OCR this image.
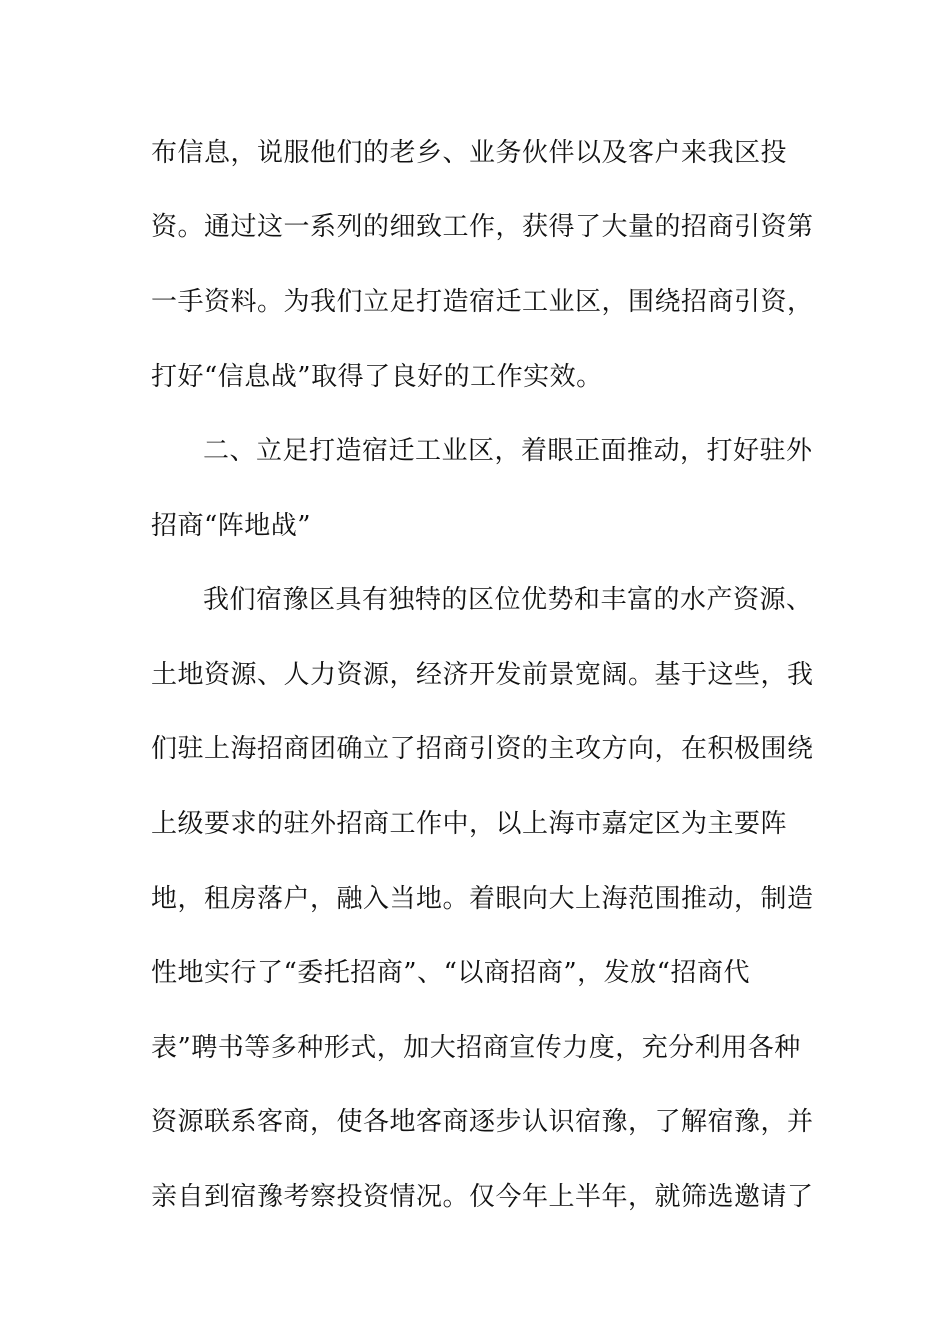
布信息，说服他们的老乡、业务伙伴以及客户来我区投
资。通过这一系列的细致工作，获得了大量的招商引资第
一手资料。为我们立足打造宿迁工业区，围绕招商引资，
打好“信息战”取得了良好的工作实效。
二、立足打造宿迁工业区，着眼正面推动，打好驻外
招商“阵地战”
我们宿豫区具有独特的区位优势和丰富的水产资源、
土地资源、人力资源，经济开发前景宽阔。基于这些，我
们驻上海招商团确立了招商引资的主攻方向，在积极围绕
上级要求的驻外招商工作中，以上海市嘉定区为主要阵
地，租房落户，融入当地。着眼向大上海范围推动，制造
性地实行了“委托招商”、“以商招商”，发放“招商代
表”聘书等多种形式，加大招商宣传力度，充分利用各种
资源联系客商，使各地客商逐步认识宿豫，了解宿豫，并
亲自到宿豫考察投资情况。仅今年上半年，就筛选邀请了
